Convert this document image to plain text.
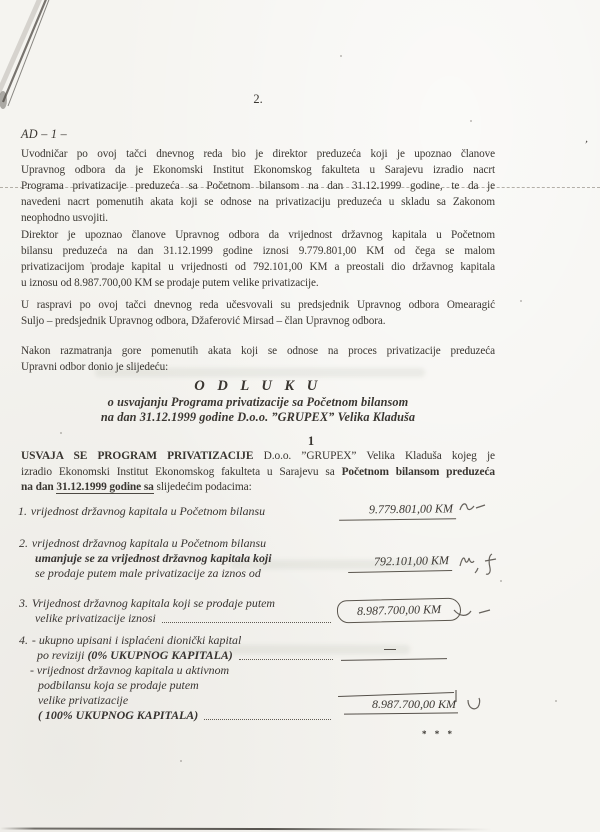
’
2.
AD – 1 –
Uvodničar po ovoj tačci dnevnog reda bio je direktor preduzeća koji je upoznao članove
Upravnog odbora da je Ekonomski Institut Ekonomskog fakulteta u Sarajevu izradio nacrt
Programa privatizacije preduzeća sa Početnom bilansom na dan 31.12.1999 godine, te da je
navedeni nacrt pomenutih akata koji se odnose na privatizaciju preduzeća u skladu sa Zakonom
neophodno usvojiti.
Direktor je upoznao članove Upravnog odbora da vrijednost državnog kapitala u Početnom
bilansu preduzeća na dan 31.12.1999 godine iznosi 9.779.801,00 KM od čega se malom
privatizacijom prodaje kapital u vrijednosti od 792.101,00 KM a preostali dio državnog kapitala
u iznosu od 8.987.700,00 KM se prodaje putem velike privatizacije.
U raspravi po ovoj tačci dnevnog reda učesvovali su predsjednik Upravnog odbora Omearagić
Suljo – predsjednik Upravnog odbora, Džaferović Mirsad – član Upravnog odbora.
Nakon razmatranja gore pomenutih akata koji se odnose na proces privatizacije preduzeća
Upravni odbor donio je slijedeću:
O D L U K U
o usvajanju Programa privatizacije sa Početnom bilansom
na dan 31.12.1999 godine D.o.o. ”GRUPEX” Velika Kladuša
1
USVAJA SE PROGRAM PRIVATIZACIJE D.o.o. ”GRUPEX” Velika Kladuša kojeg je
izradio Ekonomski Institut Ekonomskog fakulteta u Sarajevu sa Početnom bilansom preduzeća
na dan 31.12.1999 godine sa slijedećim podacima:
1. vrijednost državnog kapitala u Početnom bilansu	9.779.801,00 KM
2. vrijednost državnog kapitala u Početnom bilansu
umanjuje se za vrijednost državnog kapitala koji
se prodaje putem male privatizacije za iznos od
792.101,00 KM
3. Vrijednost državnog kapitala koji se prodaje putem
velike privatizacije iznosi
8.987.700,00 KM
4. - ukupno upisani i isplaćeni dionički kapital
po reviziji
(0% UKUPNOG KAPITALA)
- vrijednost državnog kapitala u aktivnom
podbilansu koja se prodaje putem
velike privatizacije
( 100% UKUPNOG KAPITALA)
8.987.700,00 KM
* * *
